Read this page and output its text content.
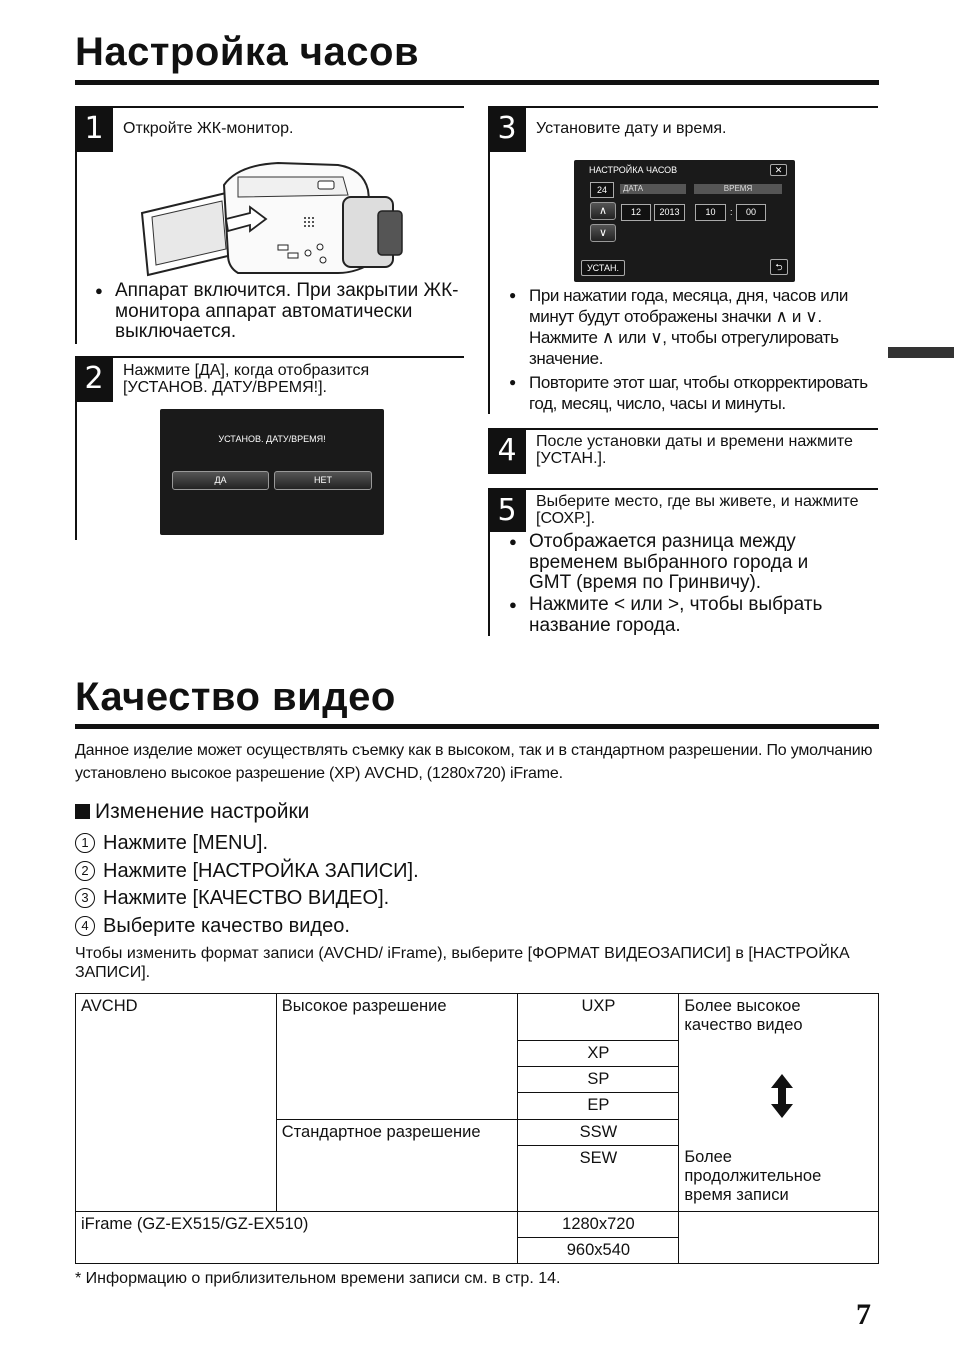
Настройка часов
1	Откройте ЖК-монитор.
● Аппарат включится. При закрытии ЖК-монитора аппарат автоматически выключается.
2	Нажмите [ДА], когда отобразится [УСТАНОВ. ДАТУ/ВРЕМЯ!].
УСТАНОВ. ДАТУ/ВРЕМЯ!
ДА	НЕТ
3	Установите дату и время.
НАСТРОЙКА ЧАСОВ	✕
ДАТА	ВРЕМЯ
24
∧
∨
12	2013	10	:	00
УСТАН.	⮌
● При нажатии года, месяца, дня, часов или минут будут отображены значки ∧ и ∨. Нажмите ∧ или ∨, чтобы отрегулировать значение.
● Повторите этот шаг, чтобы откорректировать год, месяц, число, часы и минуты.
4	После установки даты и времени нажмите [УСТАН.].
5	Выберите место, где вы живете, и нажмите [СОХР.].
● Отображается разница между временем выбранного города и GMT (время по Гринвичу).
● Нажмите < или >, чтобы выбрать название города.
Качество видео
Данное изделие может осуществлять съемку как в высоком, так и в стандартном разрешении. По умолчанию установлено высокое разрешение (XP) AVCHD, (1280x720) iFrame.
Изменение настройки
1 Нажмите [MENU].
2 Нажмите [НАСТРОЙКА ЗАПИСИ].
3 Нажмите [КАЧЕСТВО ВИДЕО].
4 Выберите качество видео.
Чтобы изменить формат записи (AVCHD/ iFrame), выберите [ФОРМАТ ВИДЕОЗАПИСИ] в [НАСТРОЙКА ЗАПИСИ].
AVCHD	Высокое разрешение	UXP	Более высокое качество видео
Более продолжительное время записи

		XP	
		SP	
		EP	
	Стандартное разрешение	SSW	
		SEW	
iFrame (GZ-EX515/GZ-EX510)		1280x720	
		960x540	
* Информацию о приблизительном времени записи см. в стр. 14.
7
